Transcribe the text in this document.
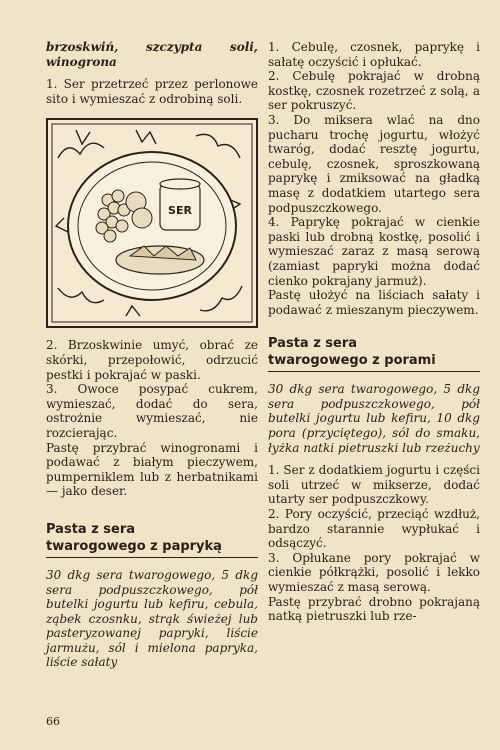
brzoskwiń, szczypta soli, winogrona

1. Ser przetrzeć przez perlonowe sito i wymieszać z odrobiną soli.

SER

2. Brzoskwinie umyć, obrać ze skórki, przepołowić, odrzucić pestki i pokrajać w paski.

3. Owoce posypać cukrem, wymieszać, dodać do sera, ostrożnie wymieszać, nie rozcierając.

Pastę przybrać winogronami i podawać z białym pieczywem, pumperniklem lub z herbatnikami — jako deser.

Pasta z sera
twarogowego z papryką

30 dkg sera twarogowego, 5 dkg sera podpuszczkowego, pół butelki jogurtu lub kefiru, cebula, ząbek czosnku, strąk świeżej lub pasteryzowanej papryki, liście jarmużu, sól i mielona papryka, liście sałaty

1. Cebulę, czosnek, paprykę i sałatę oczyścić i opłukać.

2. Cebulę pokrajać w drobną kostkę, czosnek rozetrzeć z solą, a ser pokruszyć.

3. Do miksera wlać na dno pucharu trochę jogurtu, włożyć twaróg, dodać resztę jogurtu, cebulę, czosnek, sproszkowaną paprykę i zmiksować na gładką masę z dodatkiem utartego sera podpuszczkowego.

4. Paprykę pokrajać w cienkie paski lub drobną kostkę, posolić i wymieszać zaraz z masą serową (zamiast papryki można dodać cienko pokrajany jarmuż).

Pastę ułożyć na liściach sałaty i podawać z mieszanym pieczywem.

Pasta z sera
twarogowego z porami

30 dkg sera twarogowego, 5 dkg sera podpuszczkowego, pół butelki jogurtu lub kefiru, 10 dkg pora (przyciętego), sól do smaku, łyżka natki pietruszki lub rzeżuchy

1. Ser z dodatkiem jogurtu i części soli utrzeć w mikserze, dodać utarty ser podpuszczkowy.

2. Pory oczyścić, przeciąć wzdłuż, bardzo starannie wypłukać i odsączyć.

3. Opłukane pory pokrajać w cienkie półkrążki, posolić i lekko wymieszać z masą serową.

Pastę przybrać drobno pokrajaną natką pietruszki lub rze-

66
